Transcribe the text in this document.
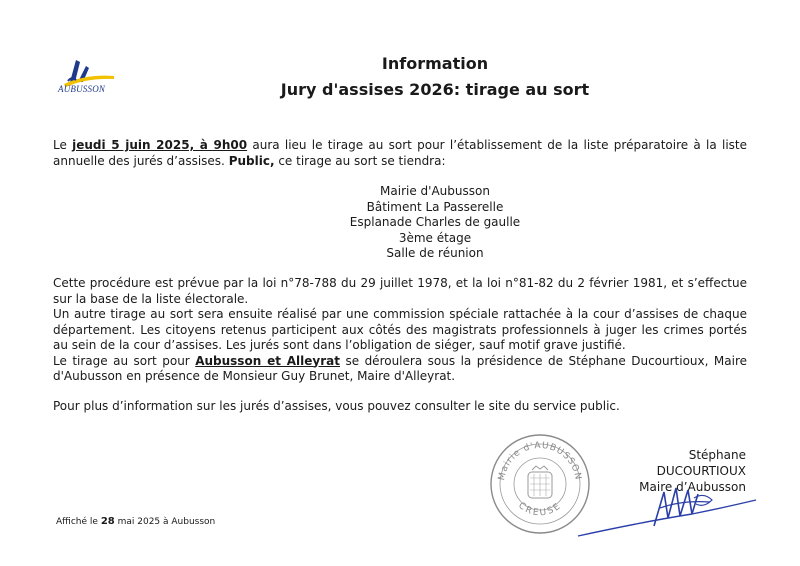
AUBUSSON
Information
Jury d'assises 2026: tirage au sort

Le jeudi 5 juin 2025, à 9h00 aura lieu le tirage au sort pour l’établissement de la liste préparatoire à la liste annuelle des jurés d’assises. Public, ce tirage au sort se tiendra:

Mairie d'Aubusson
Bâtiment La Passerelle
Esplanade Charles de gaulle
3ème étage
Salle de réunion
Cette procédure est prévue par la loi n°78-788 du 29 juillet 1978, et la loi n°81-82 du 2 février 1981, et s’effectue sur la base de la liste électorale.
Un autre tirage au sort sera ensuite réalisé par une commission spéciale rattachée à la cour d’assises de chaque département. Les citoyens retenus participent aux côtés des magistrats professionnels à juger les crimes portés au sein de la cour d’assises. Les jurés sont dans l’obligation de siéger, sauf motif grave justifié.
Le tirage au sort pour Aubusson et Alleyrat se déroulera sous la présidence de Stéphane Ducourtioux, Maire d'Aubusson en présence de Monsieur Guy Brunet, Maire d'Alleyrat.

Pour plus d’information sur les jurés d’assises, vous pouvez consulter le site du service public.

Mairie d'AUBUSSON
CREUSE
Stéphane DUCOURTIOUX
Maire d’Aubusson
Affiché le 28 mai 2025 à Aubusson
